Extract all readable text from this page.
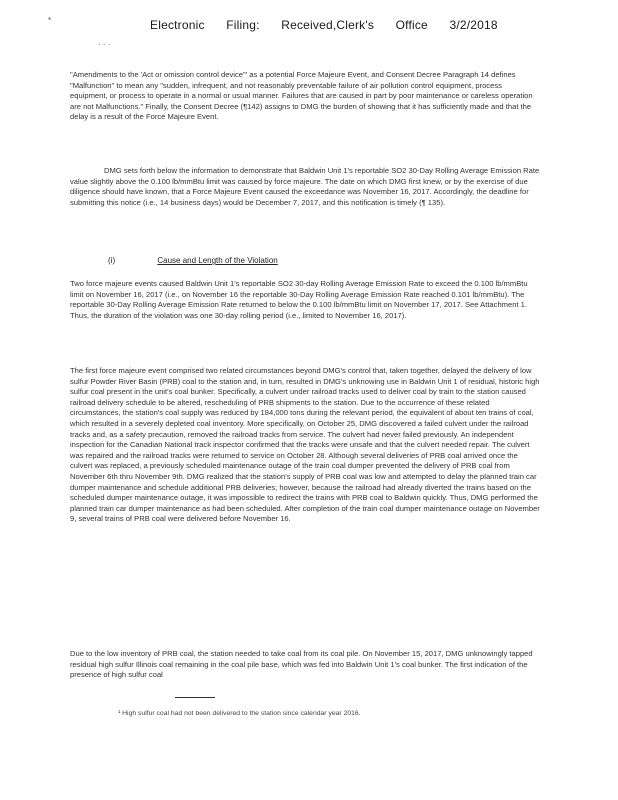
*
· · ·
Electronic Filing: Received,Clerk's Office 3/2/2018

"Amendments to the 'Act or omission control device'" as a potential Force Majeure Event, and Consent Decree Paragraph 14 defines "Malfunction" to mean any "sudden, infrequent, and not reasonably preventable failure of air pollution control equipment, process equipment, or process to operate in a normal or usual manner. Failures that are caused in part by poor maintenance or careless operation are not Malfunctions." Finally, the Consent Decree (¶142) assigns to DMG the burden of showing that it has sufficiently made and that the delay is a result of the Force Majeure Event.

DMG sets forth below the information to demonstrate that Baldwin Unit 1's reportable SO2 30-Day Rolling Average Emission Rate value slightly above the 0.100 lb/mmBtu limit was caused by force majeure. The date on which DMG first knew, or by the exercise of due diligence should have known, that a Force Majeure Event caused the exceedance was November 16, 2017. Accordingly, the deadline for submitting this notice (i.e., 14 business days) would be December 7, 2017, and this notification is timely (¶ 135).

(i)	Cause and Length of the Violation

Two force majeure events caused Baldwin Unit 1's reportable SO2 30-day Rolling Average Emission Rate to exceed the 0.100 lb/mmBtu limit on November 16, 2017 (i.e., on November 16 the reportable 30-Day Rolling Average Emission Rate reached 0.101 lb/mmBtu). The reportable 30-Day Rolling Average Emission Rate returned to below the 0.100 lb/mmBtu limit on November 17, 2017. See Attachment 1. Thus, the duration of the violation was one 30-day rolling period (i.e., limited to November 16, 2017).

The first force majeure event comprised two related circumstances beyond DMG's control that, taken together, delayed the delivery of low sulfur Powder River Basin (PRB) coal to the station and, in turn, resulted in DMG's unknowing use in Baldwin Unit 1 of residual, historic high sulfur coal present in the unit's coal bunker. Specifically, a culvert under railroad tracks used to deliver coal by train to the station caused railroad delivery schedule to be altered, rescheduling of PRB shipments to the station. Due to the occurrence of these related circumstances, the station's coal supply was reduced by 184,000 tons during the relevant period, the equivalent of about ten trains of coal, which resulted in a severely depleted coal inventory. More specifically, on October 25, DMG discovered a failed culvert under the railroad tracks and, as a safety precaution, removed the railroad tracks from service. The culvert had never failed previously. An independent inspection for the Canadian National track inspector confirmed that the tracks were unsafe and that the culvert needed repair. The culvert was repaired and the railroad tracks were returned to service on October 28. Although several deliveries of PRB coal arrived once the culvert was replaced, a previously scheduled maintenance outage of the train coal dumper prevented the delivery of PRB coal from November 6th thru November 9th. DMG realized that the station's supply of PRB coal was low and attempted to delay the planned train car dumper maintenance and schedule additional PRB deliveries; however, because the railroad had already diverted the trains based on the scheduled dumper maintenance outage, it was impossible to redirect the trains with PRB coal to Baldwin quickly. Thus, DMG performed the planned train car dumper maintenance as had been scheduled. After completion of the train coal dumper maintenance outage on November 9, several trains of PRB coal were delivered before November 16.

Due to the low inventory of PRB coal, the station needed to take coal from its coal pile. On November 15, 2017, DMG unknowingly tapped residual high sulfur Illinois coal remaining in the coal pile base, which was fed into Baldwin Unit 1's coal bunker. The first indication of the presence of high sulfur coal

¹ High sulfur coal had not been delivered to the station since calendar year 2016.
